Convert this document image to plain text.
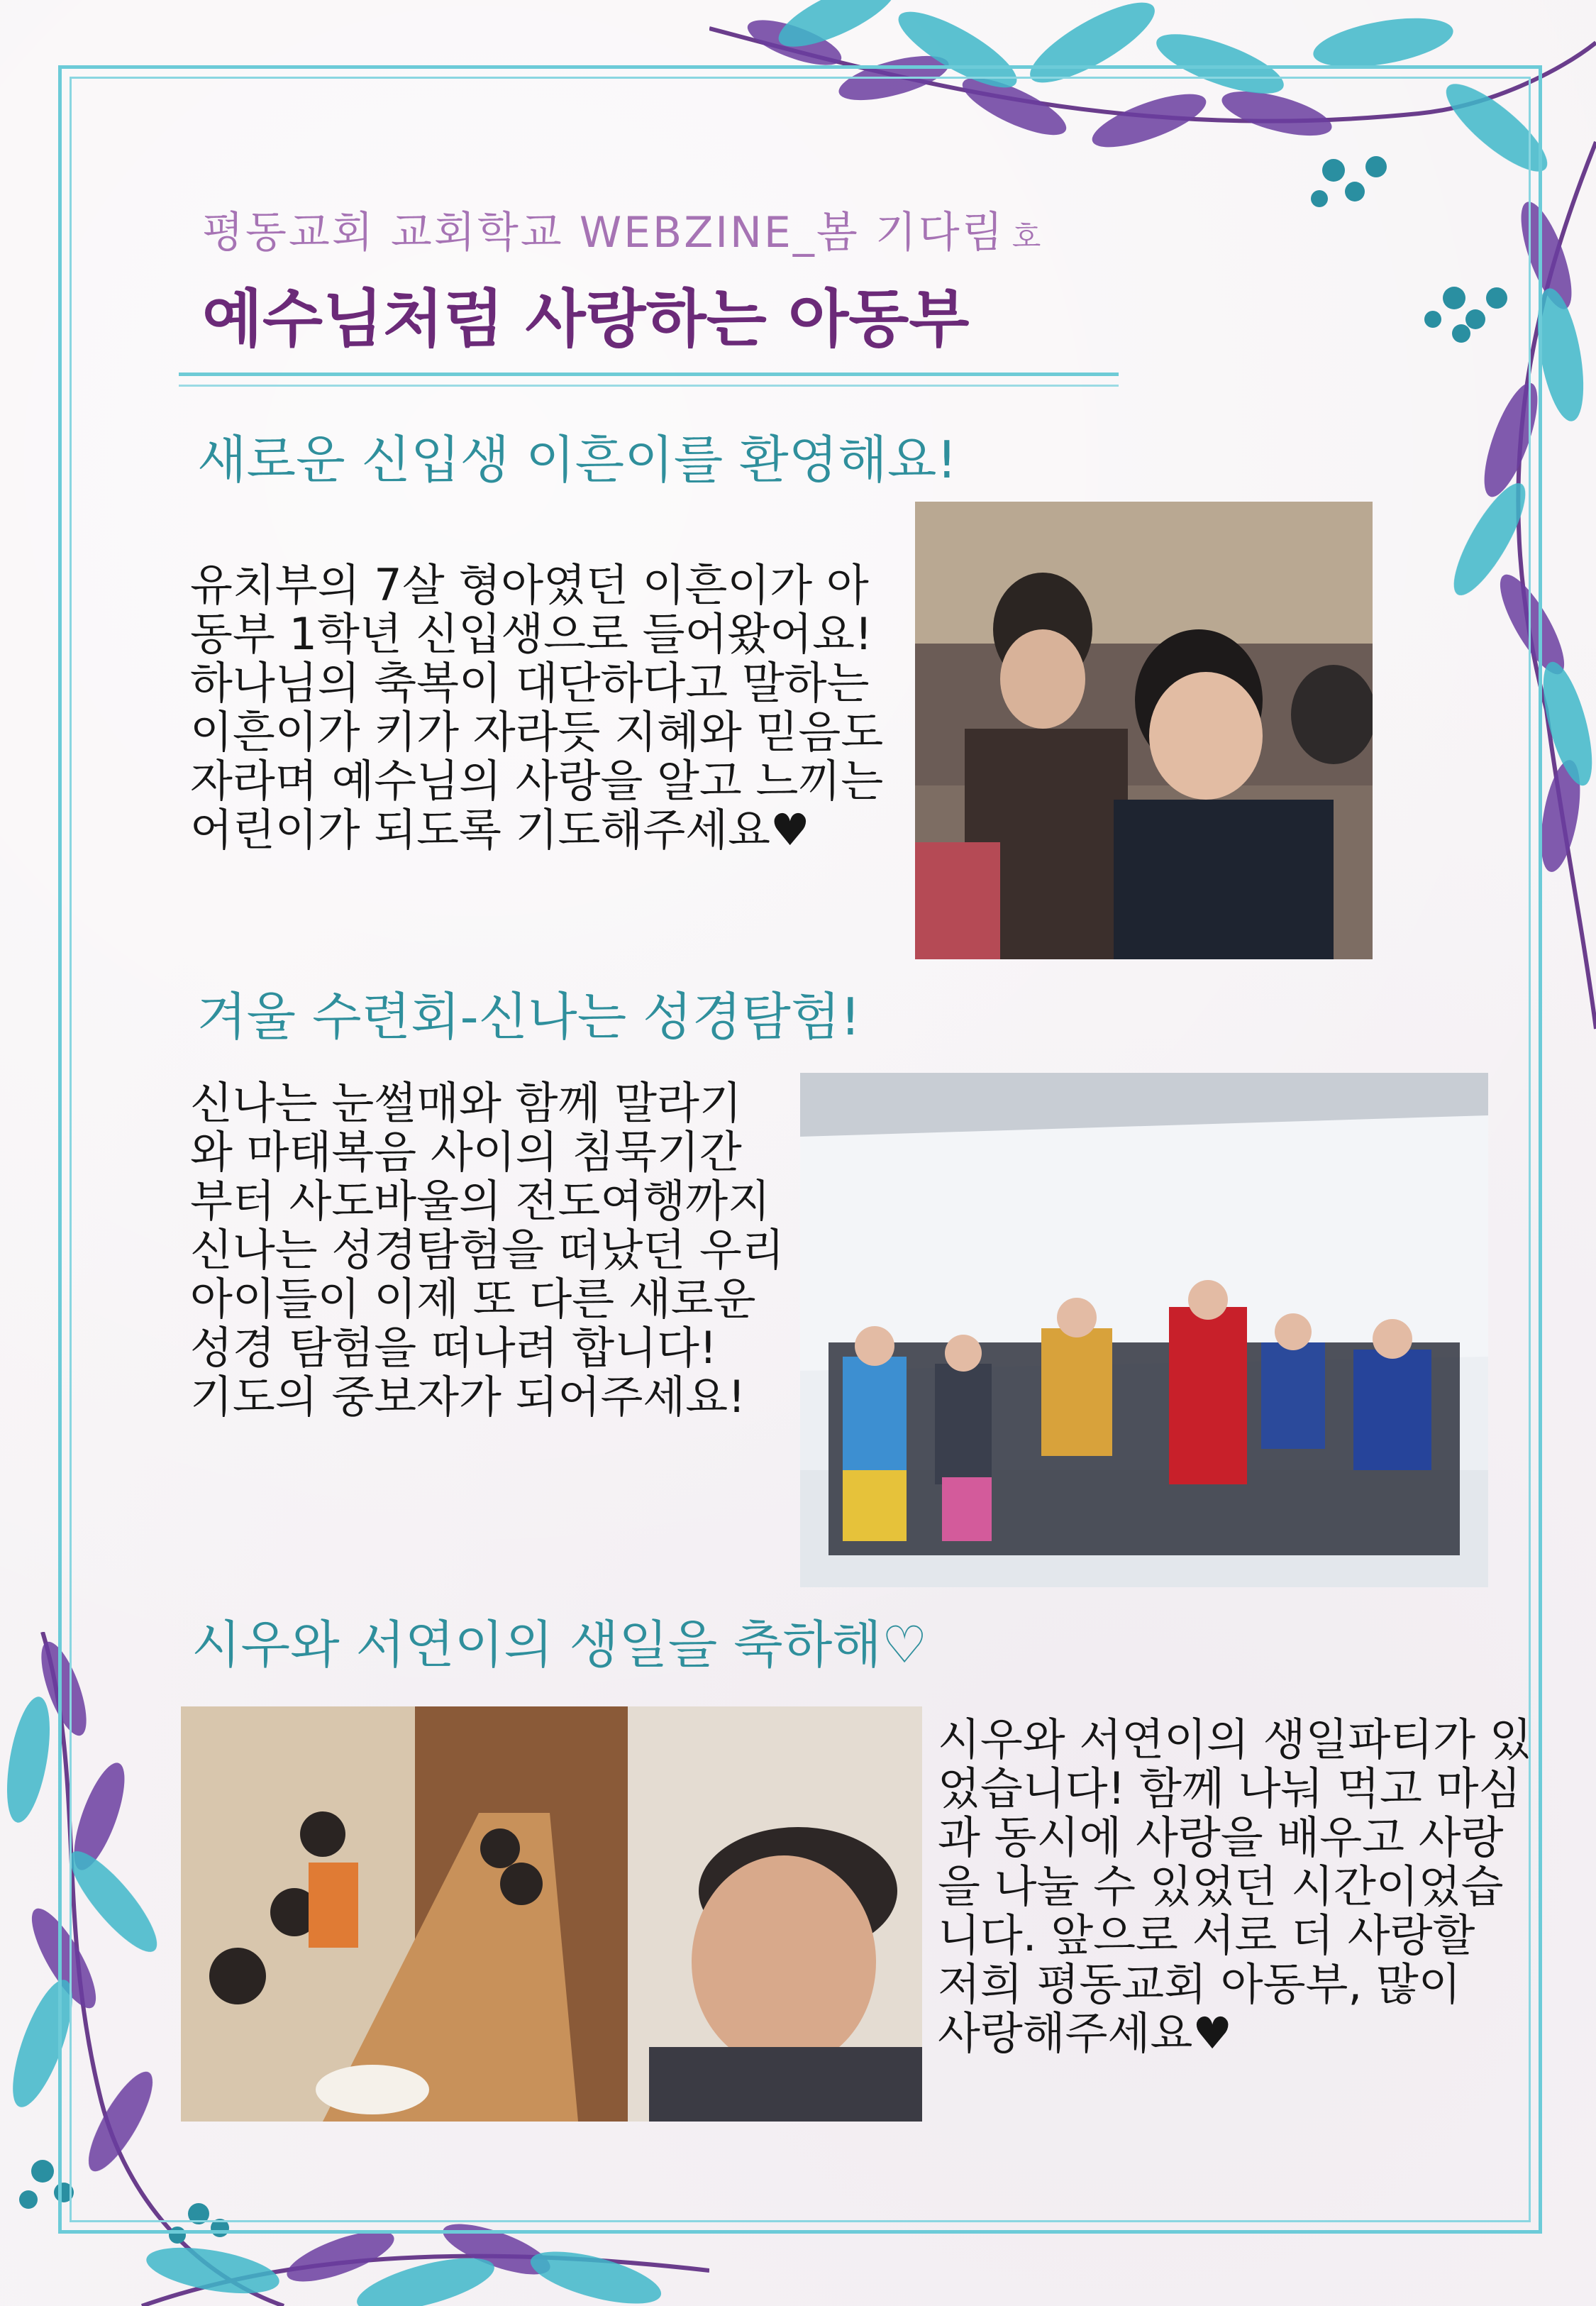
평동교회 교회학교 WEBZINE_봄 기다림 호
예수님처럼 사랑하는 아동부
새로운 신입생 이흔이를 환영해요!
유치부의 7살 형아였던 이흔이가 아
동부 1학년 신입생으로 들어왔어요!
하나님의 축복이 대단하다고 말하는
이흔이가 키가 자라듯 지혜와 믿음도
자라며 예수님의 사랑을 알고 느끼는
어린이가 되도록 기도해주세요♥
겨울 수련회-신나는 성경탐험!
신나는 눈썰매와 함께 말라기
와 마태복음 사이의 침묵기간
부터 사도바울의 전도여행까지
신나는 성경탐험을 떠났던 우리
아이들이 이제 또 다른 새로운
성경 탐험을 떠나려 합니다!
기도의 중보자가 되어주세요!
시우와 서연이의 생일을 축하해♡
시우와 서연이의 생일파티가 있
었습니다! 함께 나눠 먹고 마심
과 동시에 사랑을 배우고 사랑
을 나눌 수 있었던 시간이었습
니다. 앞으로 서로 더 사랑할
저희 평동교회 아동부, 많이
사랑해주세요♥
